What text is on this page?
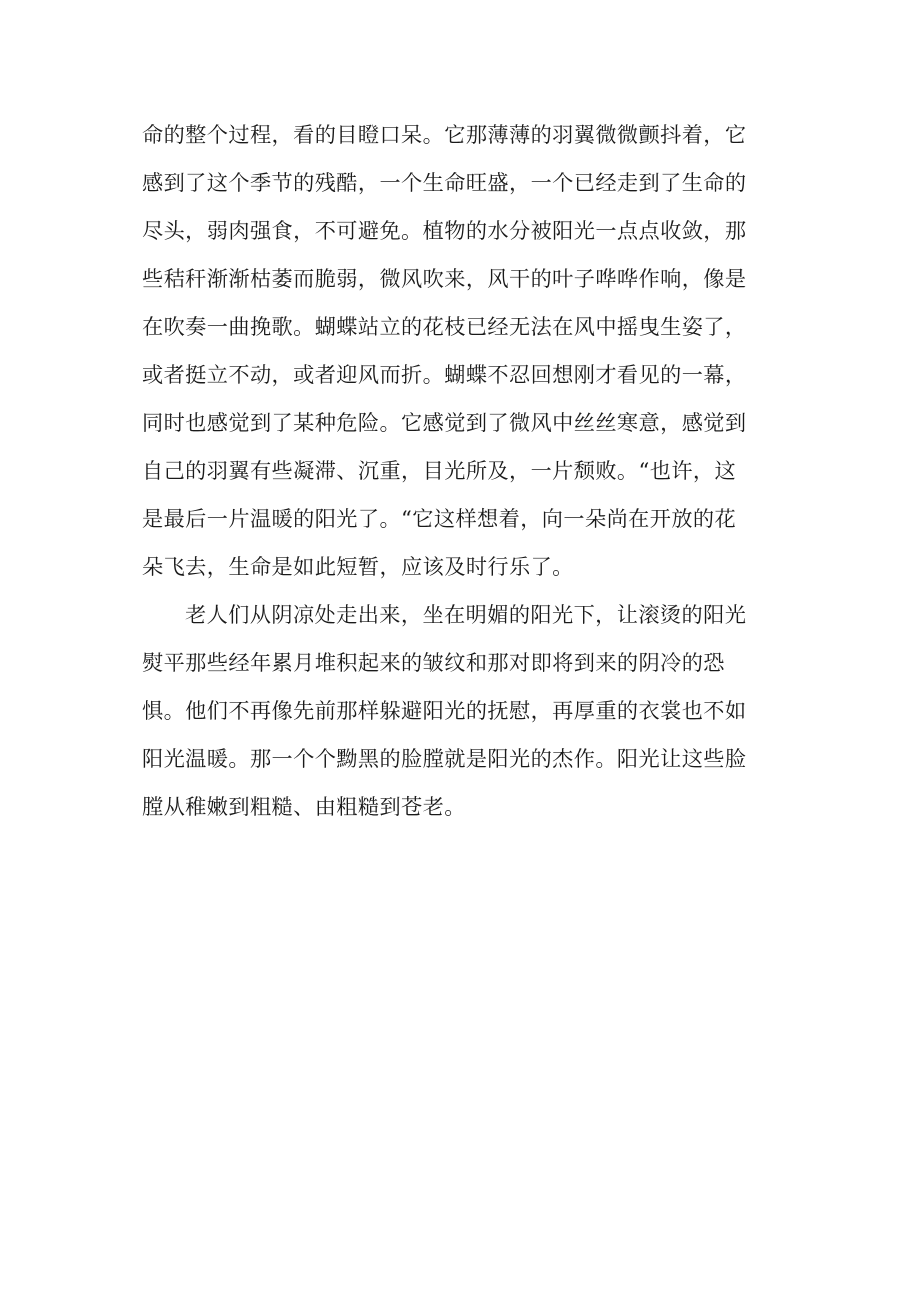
命的整个过程，看的目瞪口呆。它那薄薄的羽翼微微颤抖着，它
感到了这个季节的残酷，一个生命旺盛，一个已经走到了生命的
尽头，弱肉强食，不可避免。植物的水分被阳光一点点收敛，那
些秸秆渐渐枯萎而脆弱，微风吹来，风干的叶子哗哗作响，像是
在吹奏一曲挽歌。蝴蝶站立的花枝已经无法在风中摇曳生姿了，
或者挺立不动，或者迎风而折。蝴蝶不忍回想刚才看见的一幕，
同时也感觉到了某种危险。它感觉到了微风中丝丝寒意，感觉到
自己的羽翼有些凝滞、沉重，目光所及，一片颓败。“也许，这
是最后一片温暖的阳光了。“它这样想着，向一朵尚在开放的花
朵飞去，生命是如此短暂，应该及时行乐了。

老人们从阴凉处走出来，坐在明媚的阳光下，让滚烫的阳光
熨平那些经年累月堆积起来的皱纹和那对即将到来的阴冷的恐
惧。他们不再像先前那样躲避阳光的抚慰，再厚重的衣裳也不如
阳光温暖。那一个个黝黑的脸膛就是阳光的杰作。阳光让这些脸
膛从稚嫩到粗糙、由粗糙到苍老。
